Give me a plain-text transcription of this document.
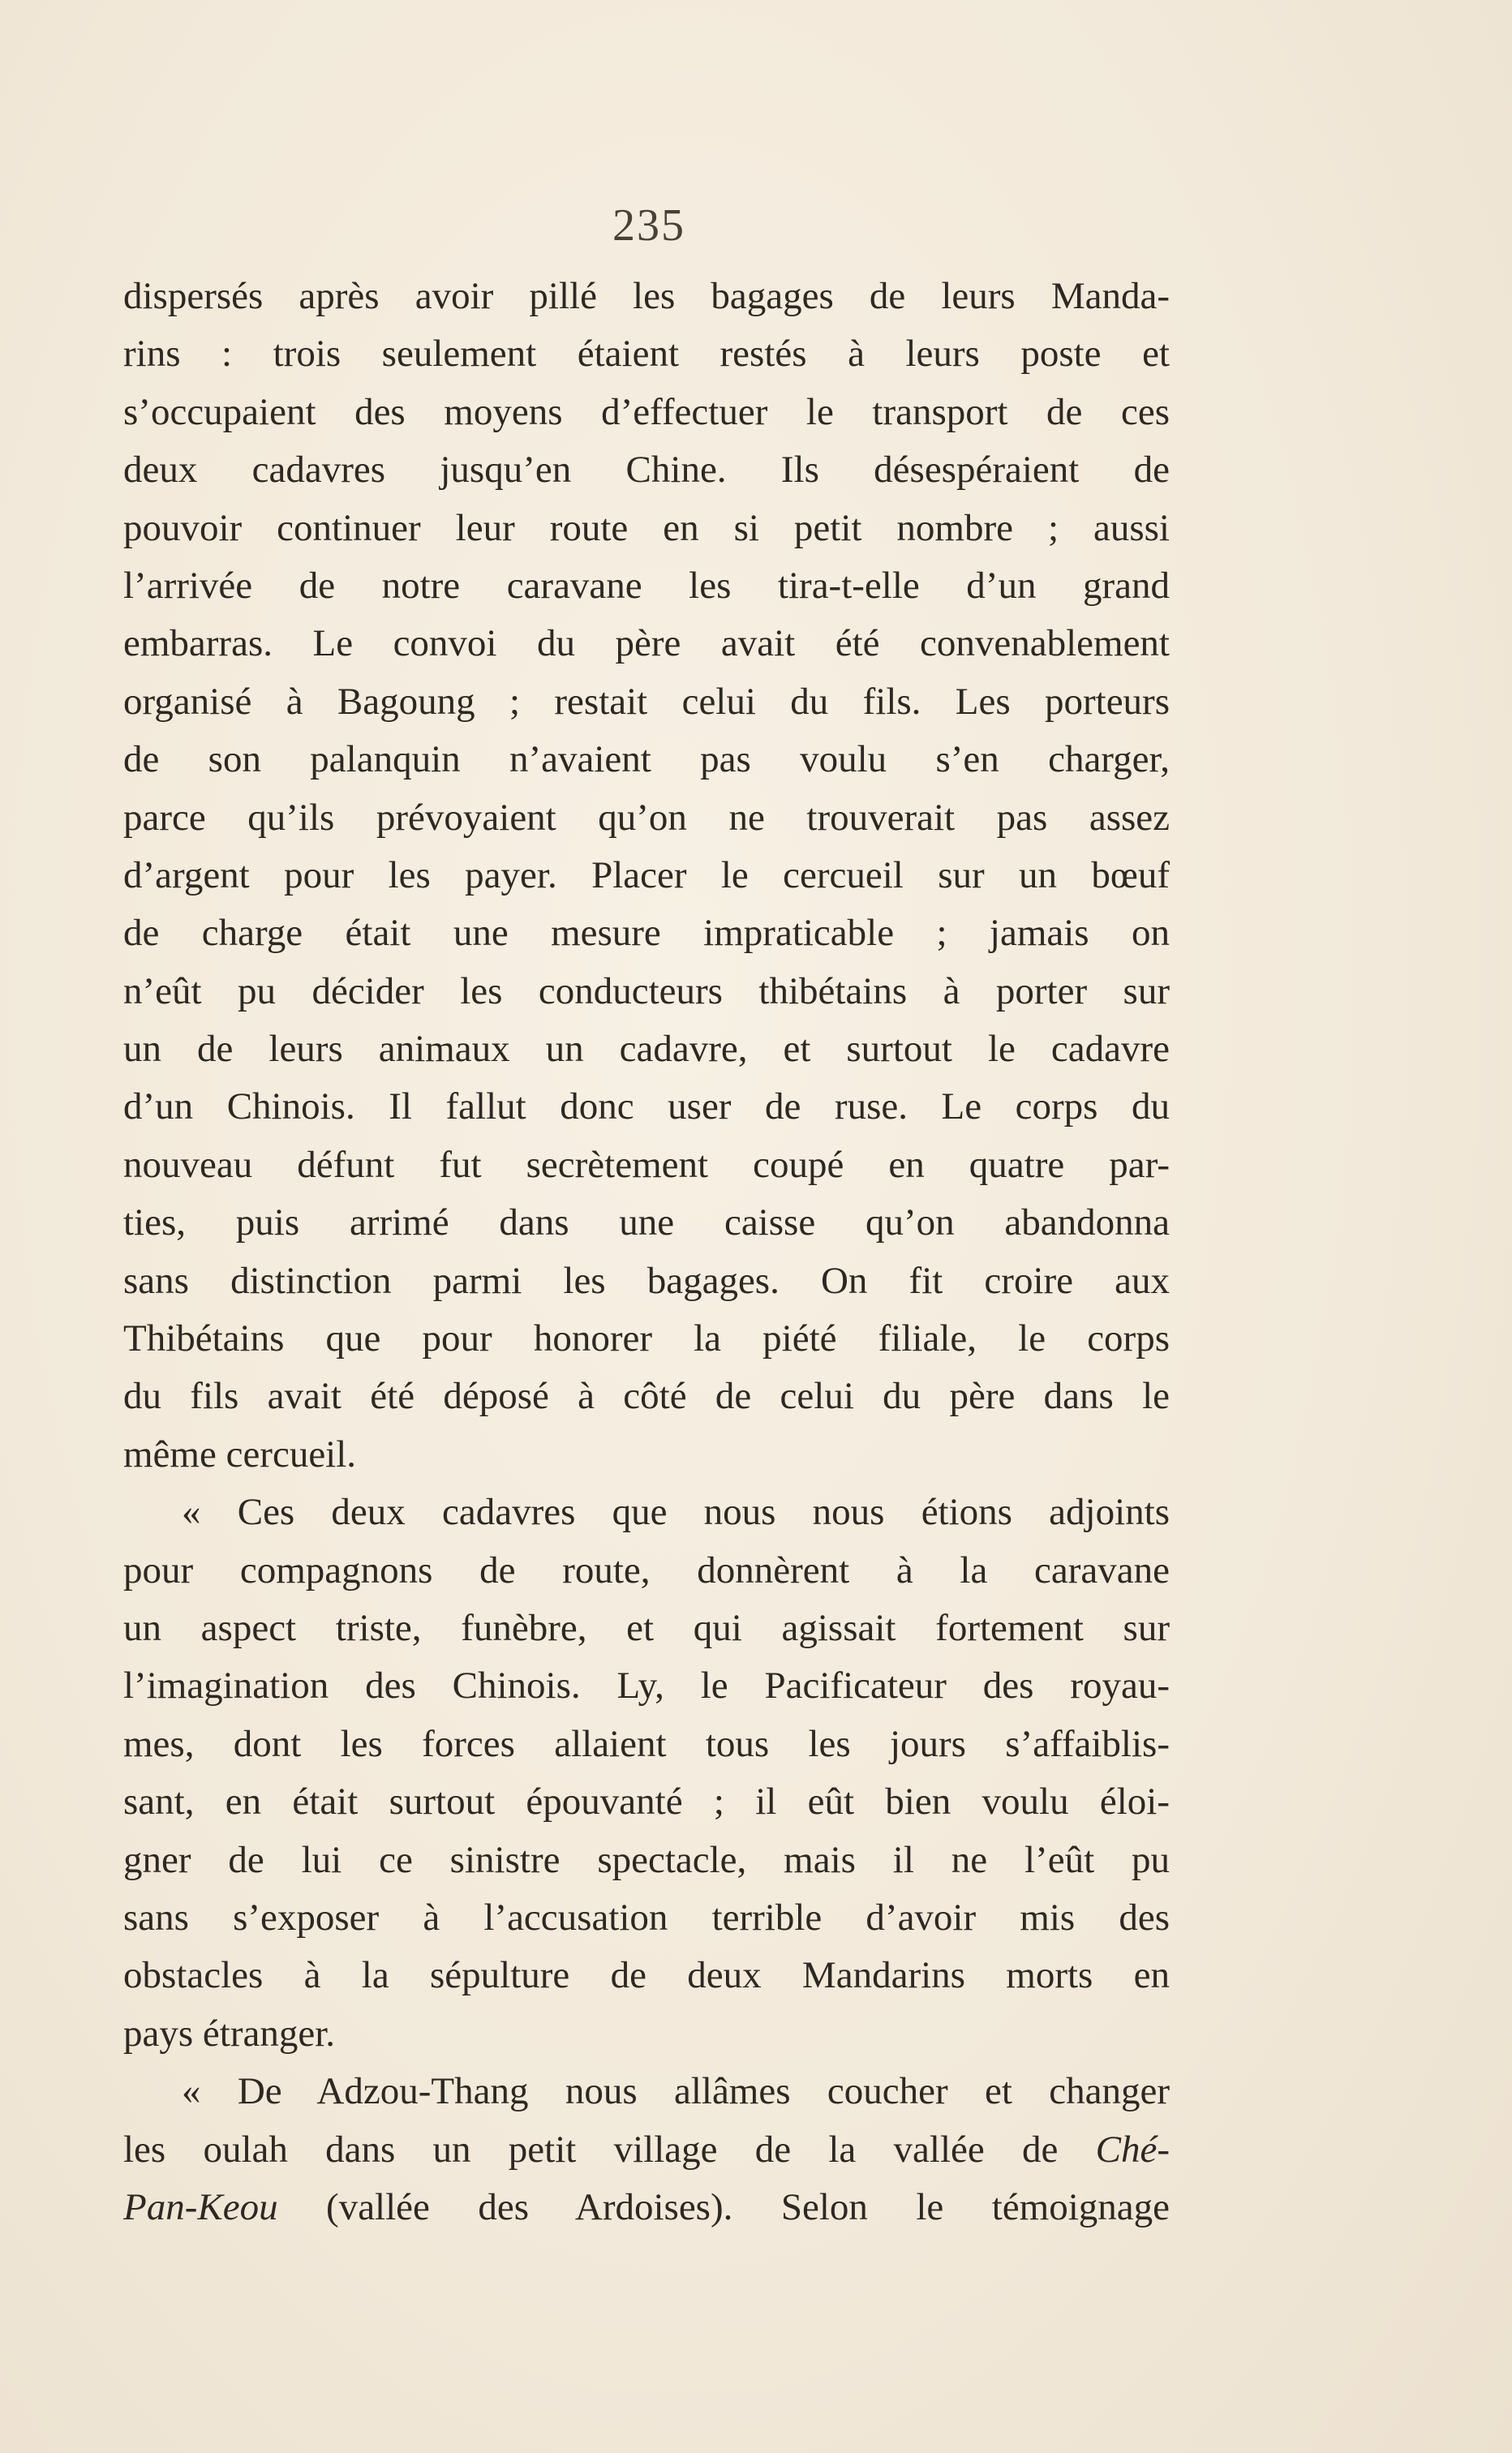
235
dispersés après avoir pillé les bagages de leurs Manda-
rins : trois seulement étaient restés à leurs poste et
s’occupaient des moyens d’effectuer le transport de ces
deux cadavres jusqu’en Chine. Ils désespéraient de
pouvoir continuer leur route en si petit nombre ; aussi
l’arrivée de notre caravane les tira-t-elle d’un grand
embarras. Le convoi du père avait été convenablement
organisé à Bagoung ; restait celui du fils. Les porteurs
de son palanquin n’avaient pas voulu s’en charger,
parce qu’ils prévoyaient qu’on ne trouverait pas assez
d’argent pour les payer. Placer le cercueil sur un bœuf
de charge était une mesure impraticable ; jamais on
n’eût pu décider les conducteurs thibétains à porter sur
un de leurs animaux un cadavre, et surtout le cadavre
d’un Chinois. Il fallut donc user de ruse. Le corps du
nouveau défunt fut secrètement coupé en quatre par-
ties, puis arrimé dans une caisse qu’on abandonna
sans distinction parmi les bagages. On fit croire aux
Thibétains que pour honorer la piété filiale, le corps
du fils avait été déposé à côté de celui du père dans le
même cercueil.
« Ces deux cadavres que nous nous étions adjoints
pour compagnons de route, donnèrent à la caravane
un aspect triste, funèbre, et qui agissait fortement sur
l’imagination des Chinois. Ly, le Pacificateur des royau-
mes, dont les forces allaient tous les jours s’affaiblis-
sant, en était surtout épouvanté ; il eût bien voulu éloi-
gner de lui ce sinistre spectacle, mais il ne l’eût pu
sans s’exposer à l’accusation terrible d’avoir mis des
obstacles à la sépulture de deux Mandarins morts en
pays étranger.
« De Adzou-Thang nous allâmes coucher et changer
les oulah dans un petit village de la vallée de Ché-
Pan-Keou (vallée des Ardoises). Selon le témoignage
